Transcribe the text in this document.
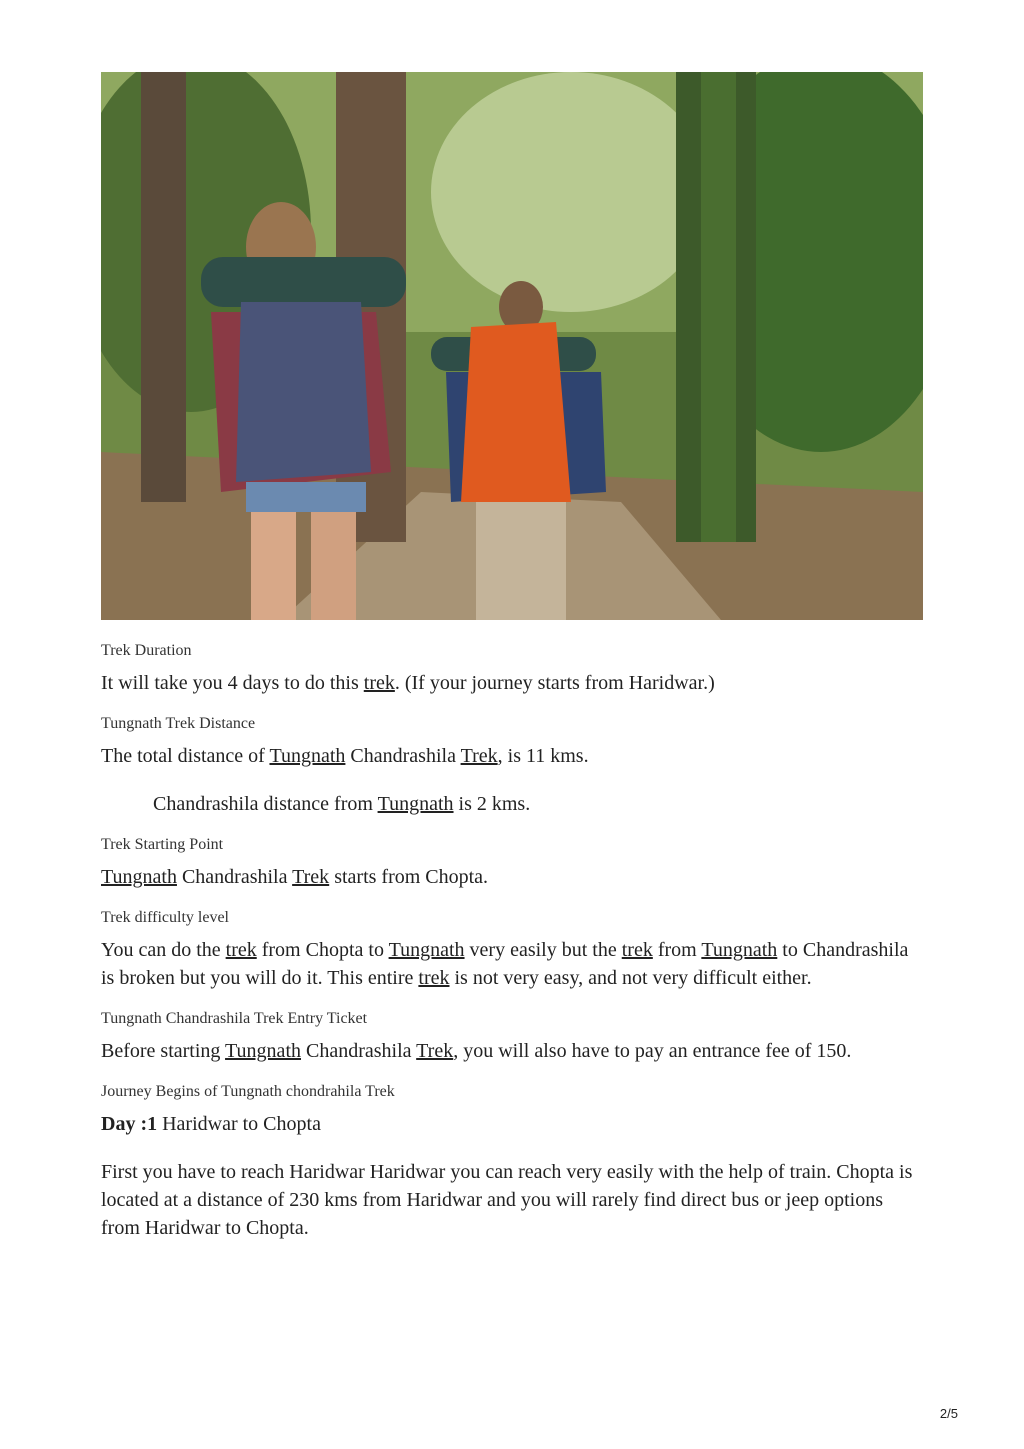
Trek Duration

It will take you 4 days to do this trek. (If your journey starts from Haridwar.)

Tungnath Trek Distance

The total distance of Tungnath Chandrashila Trek, is 11 kms.

Chandrashila distance from Tungnath is 2 kms.

Trek Starting Point

Tungnath Chandrashila Trek starts from Chopta.

Trek difficulty level

You can do the trek from Chopta to Tungnath very easily but the trek from Tungnath to Chandrashila is broken but you will do it. This entire trek is not very easy, and not very difficult either.

Tungnath Chandrashila Trek Entry Ticket

Before starting Tungnath Chandrashila Trek, you will also have to pay an entrance fee of 150.

Journey Begins of Tungnath chondrahila Trek

Day :1 Haridwar to Chopta

First you have to reach Haridwar Haridwar you can reach very easily with the help of train. Chopta is located at a distance of 230 kms from Haridwar and you will rarely find direct bus or jeep options from Haridwar to Chopta.

2/5
